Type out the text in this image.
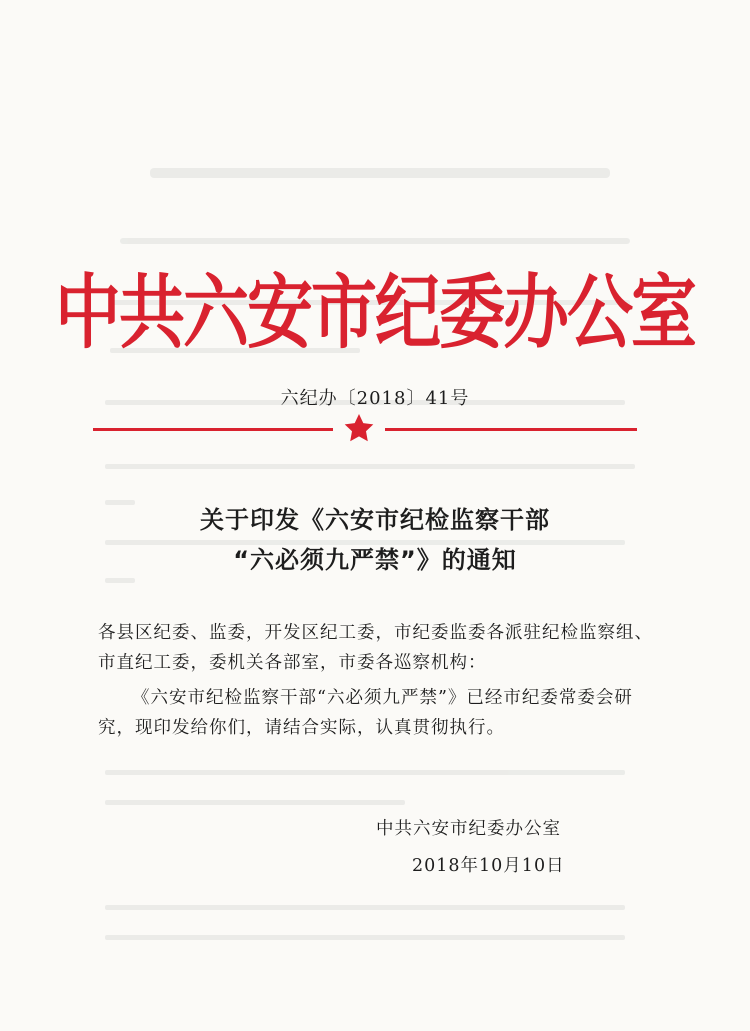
中共六安市纪委办公室
六纪办〔2018〕41号
关于印发《六安市纪检监察干部
“六必须九严禁”》的通知
各县区纪委、监委，开发区纪工委，市纪委监委各派驻纪检监察组、市直纪工委，委机关各部室，市委各巡察机构：
《六安市纪检监察干部“六必须九严禁”》已经市纪委常委会研究，现印发给你们，请结合实际，认真贯彻执行。
中共六安市纪委办公室
2018年10月10日
